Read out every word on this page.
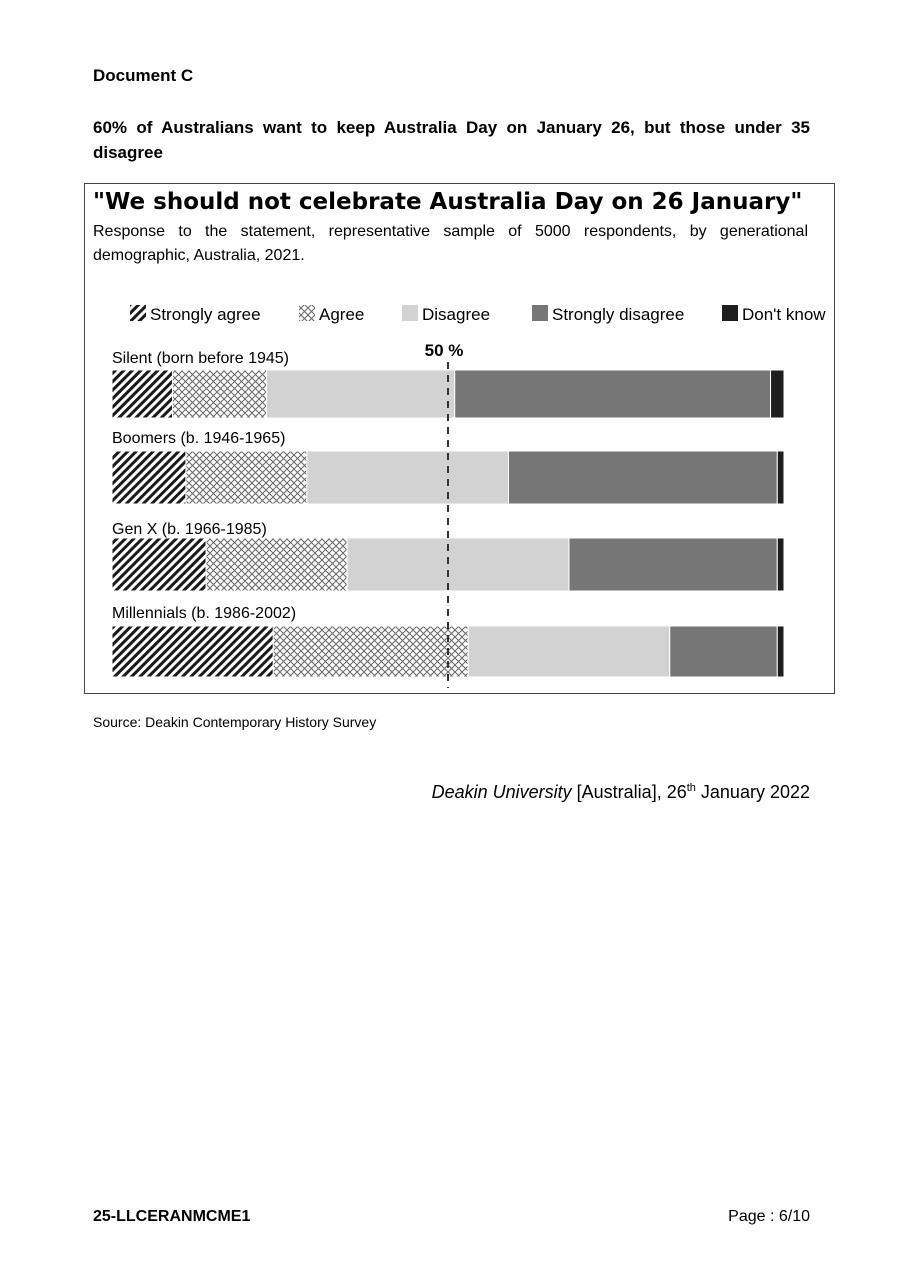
Document C
60% of Australians want to keep Australia Day on January 26, but those under 35 disagree
"We should not celebrate Australia Day on 26 January"
Response to the statement, representative sample of 5000 respondents, by generational demographic, Australia, 2021.
Strongly agree	Agree	Disagree	Strongly disagree	Don't know
Silent (born before 1945)
Boomers (b. 1946-1965)
Gen X (b. 1966-1985)
Millennials (b. 1986-2002)
50 %
Source: Deakin Contemporary History Survey
Deakin University [Australia], 26th January 2022
25-LLCERANMCME1	Page : 6/10
